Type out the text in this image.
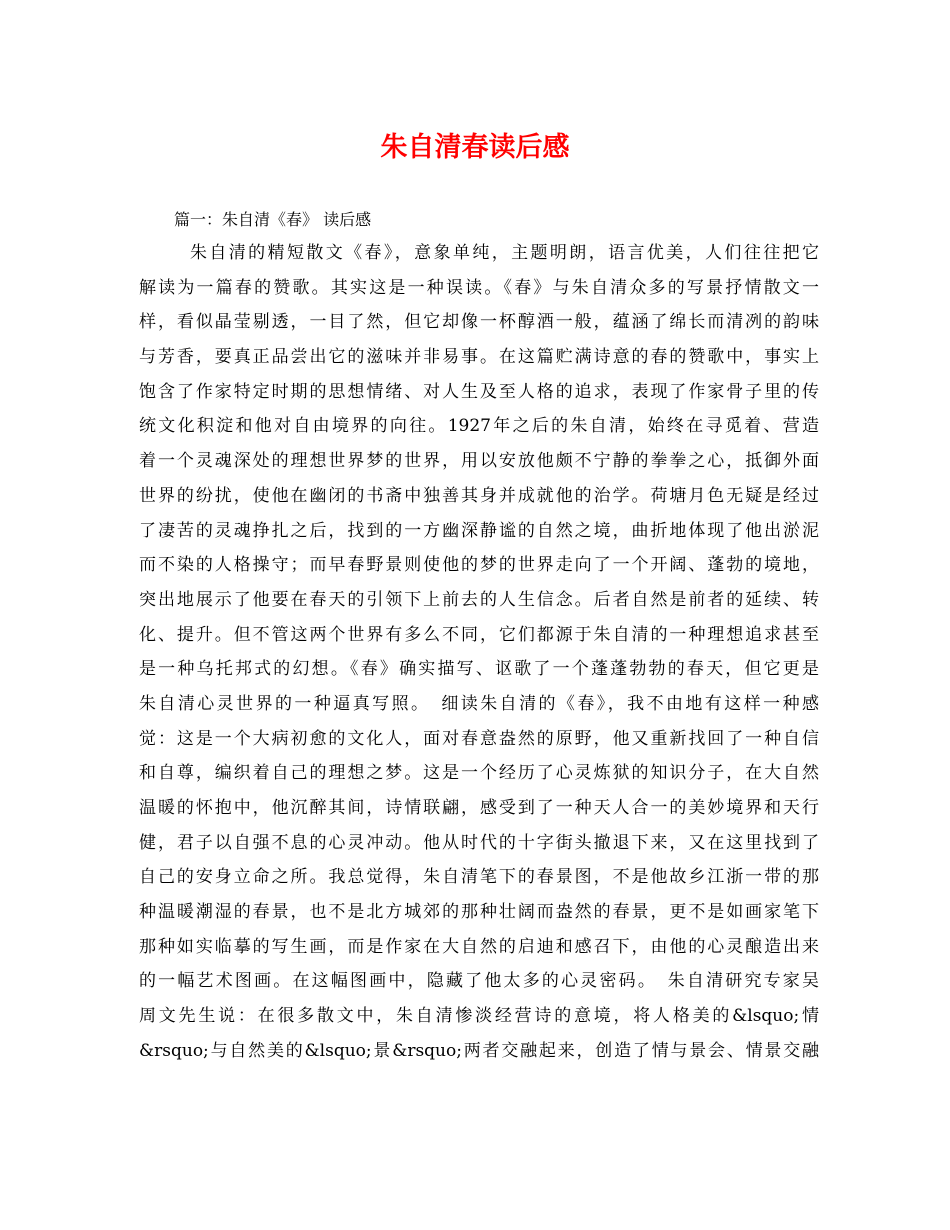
朱自清春读后感
篇一：朱自清《春》 读后感
朱自清的精短散文《春》，意象单纯，主题明朗，语言优美，人们往往把它
解读为一篇春的赞歌。其实这是一种误读。《春》与朱自清众多的写景抒情散文一
样，看似晶莹剔透，一目了然，但它却像一杯醇酒一般，蕴涵了绵长而清冽的韵味
与芳香，要真正品尝出它的滋味并非易事。在这篇贮满诗意的春的赞歌中，事实上
饱含了作家特定时期的思想情绪、对人生及至人格的追求，表现了作家骨子里的传
统文化积淀和他对自由境界的向往。1927年之后的朱自清，始终在寻觅着、营造
着一个灵魂深处的理想世界梦的世界，用以安放他颇不宁静的拳拳之心，抵御外面
世界的纷扰，使他在幽闭的书斋中独善其身并成就他的治学。荷塘月色无疑是经过
了凄苦的灵魂挣扎之后，找到的一方幽深静谧的自然之境，曲折地体现了他出淤泥
而不染的人格操守；而早春野景则使他的梦的世界走向了一个开阔、蓬勃的境地，
突出地展示了他要在春天的引领下上前去的人生信念。后者自然是前者的延续、转
化、提升。但不管这两个世界有多么不同，它们都源于朱自清的一种理想追求甚至
是一种乌托邦式的幻想。《春》确实描写、讴歌了一个蓬蓬勃勃的春天，但它更是
朱自清心灵世界的一种逼真写照。　细读朱自清的《春》，我不由地有这样一种感
觉：这是一个大病初愈的文化人，面对春意盎然的原野，他又重新找回了一种自信
和自尊，编织着自己的理想之梦。这是一个经历了心灵炼狱的知识分子，在大自然
温暖的怀抱中，他沉醉其间，诗情联翩，感受到了一种天人合一的美妙境界和天行
健，君子以自强不息的心灵冲动。他从时代的十字街头撤退下来，又在这里找到了
自己的安身立命之所。我总觉得，朱自清笔下的春景图，不是他故乡江浙一带的那
种温暖潮湿的春景，也不是北方城郊的那种壮阔而盎然的春景，更不是如画家笔下
那种如实临摹的写生画，而是作家在大自然的启迪和感召下，由他的心灵酿造出来
的一幅艺术图画。在这幅图画中，隐藏了他太多的心灵密码。　朱自清研究专家吴
周文先生说：在很多散文中，朱自清惨淡经营诗的意境，将人格美的&lsquo;情
&rsquo;与自然美的&lsquo;景&rsquo;两者交融起来，创造了情与景会、情景交融
